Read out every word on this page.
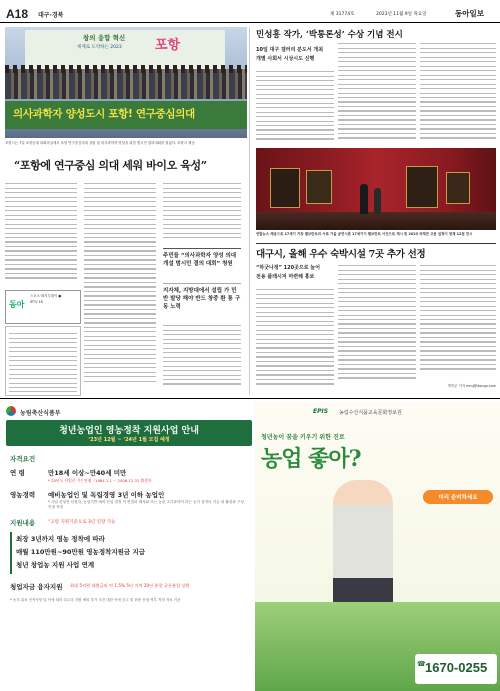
A18 대구·경북	제 31774호	2023년 11월 9일 목요일	동아일보
창의 융합 혁신
세계로 도약하는 2023	포항
의사과학자 양성도시 포항! 연구중심의대
포항시는 7일 포항공대 대회의실에서 포항 연구중심의대 설립 및 의사과학자 양성을 위한 범시민 결의대회를 열었다. 포항시 제공
“포항에 연구중심 의대 세워 바이오 육성”
주민들 “의사과학자 양성 의대 개설 범시민 결의 대회” 청원
지자체, 지방대에서 설립 가 민 반 발당 해야 반드 창중 환 통 구 동 노력
동아
스포츠·레저투데이 ●
IPTV 18
민성흥 작가, ‘박통론성’ 수상 기념 전시
10일 대구 갤러리 분도서 개최
개별 사회서 시상시도 신행
연합뉴스 제공으로 17세기 거장 렘브란트의 사료 가을 공연시론 17세기이 렘브란트 사진으로 제시 및 2023 국제전 고문 일정이 현재 12점 전시
대구시, 올해 우수 숙박시설 7곳 추가 선정
“하굿나정” 120곳으로 늘어
전용 플래시저 마련해 홍보
명민준 기자 mmj@donga.com
농림축산식품부
청년농업인 영농정착 지원사업 안내
‘23년 12월 ~ ‘24년 1월 모집 예정
자격요건
연 령	만18세 이상~만40세 미만
* 24년도 사업은 기는연령 : 1984.1.1 ~ 2006.12.31 출생자
영농경력 예비농업인 및 독립경영 3년 이하 농업인
* 사업 신청전 신청자, 농업기반 예비 신입 결정 이 연결되 매자와 또는 농관 초기화하여 하는 농가 설적의 기존 내 활성화 구성 인정 적정
지원내용	“고령 지원기준으로 3년 연장 가능
최장 3년까지 영농 정착에 따라
매월 110만원~90만원 영농정착지원금 지급
청년 창업농 지원 사업 연계
청업자금 융자지원 최대 5억원 대출금리 연 1.5% 5년 거치 20년 분할 균등분할 상환
* 농지 위치 인적사항 및 이에 따라 다수의 지원 예외 추가 조건 대한 이에 공고 및 최종 신청 여부 적정 자료 기준
EPIS 농림수산식품교육문화정보원
청년농이 꿈을 키우기 위한 진로
농업 좋아?
미리 준비하세요
☎ 1670-0255
